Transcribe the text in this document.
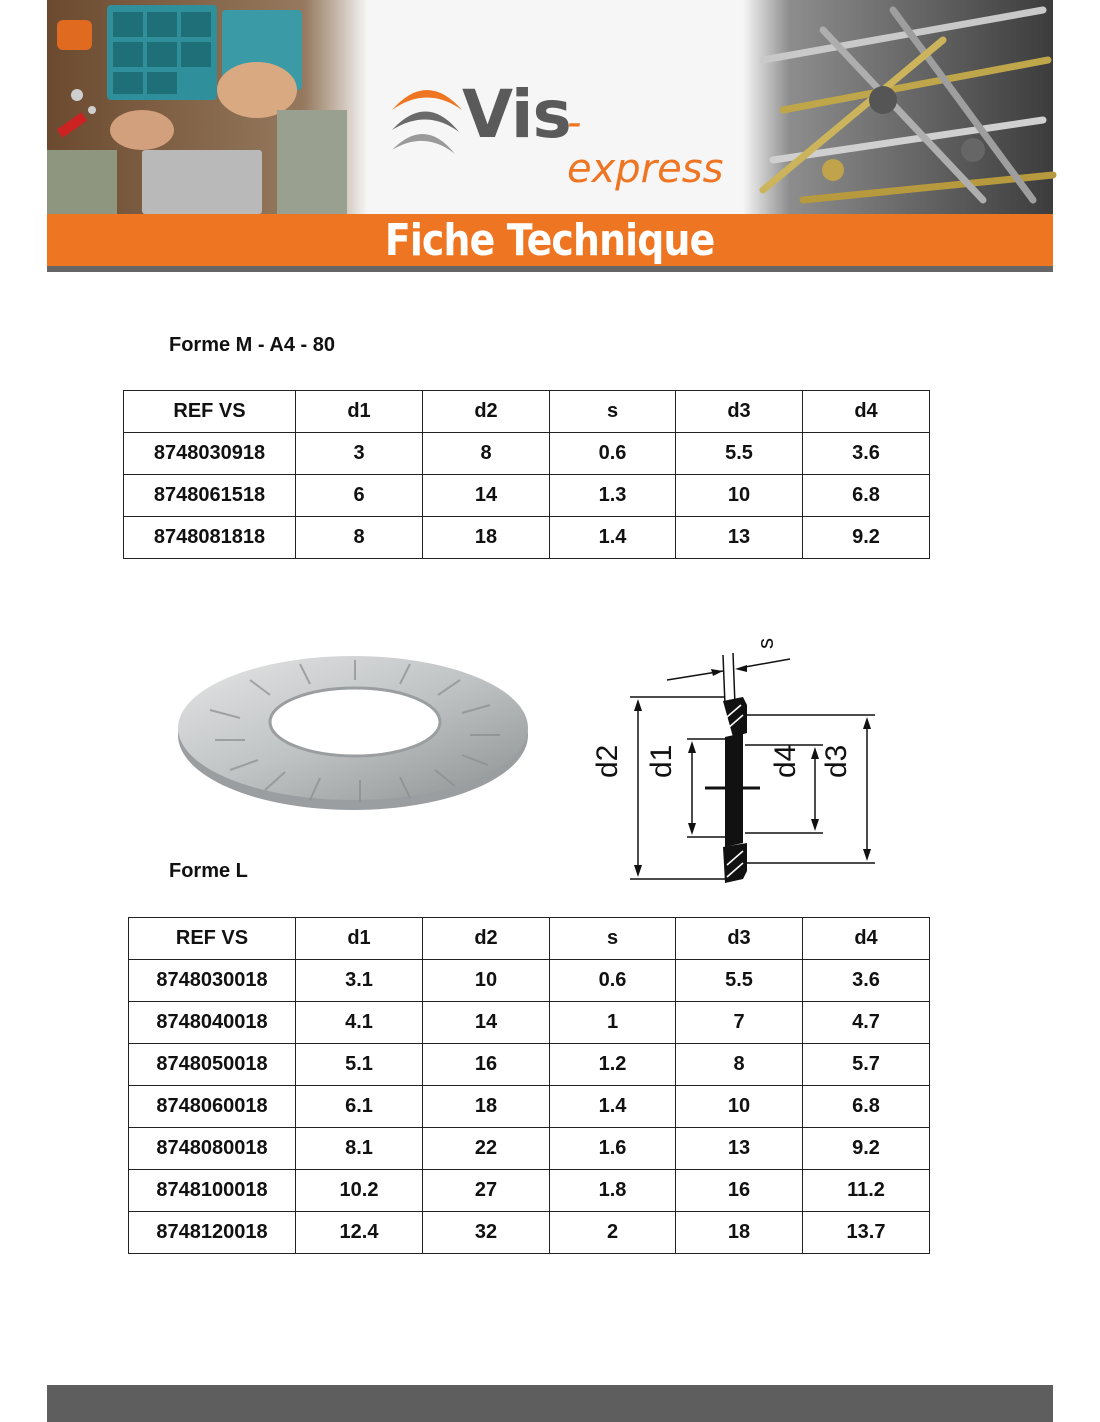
Vis
-express
Fiche Technique
Forme M - A4 - 80
REF VS	d1	d2	s	d3	d4
8748030918	3	8	0.6	5.5	3.6
8748061518	6	14	1.3	10	6.8
8748081818	8	18	1.4	13	9.2
s
d2 d1	d4 d3
Forme L
REF VS	d1	d2	s	d3	d4
8748030018	3.1	10	0.6	5.5	3.6
8748040018	4.1	14	1	7	4.7
8748050018	5.1	16	1.2	8	5.7
8748060018	6.1	18	1.4	10	6.8
8748080018	8.1	22	1.6	13	9.2
8748100018	10.2	27	1.8	16	11.2
8748120018	12.4	32	2	18	13.7
